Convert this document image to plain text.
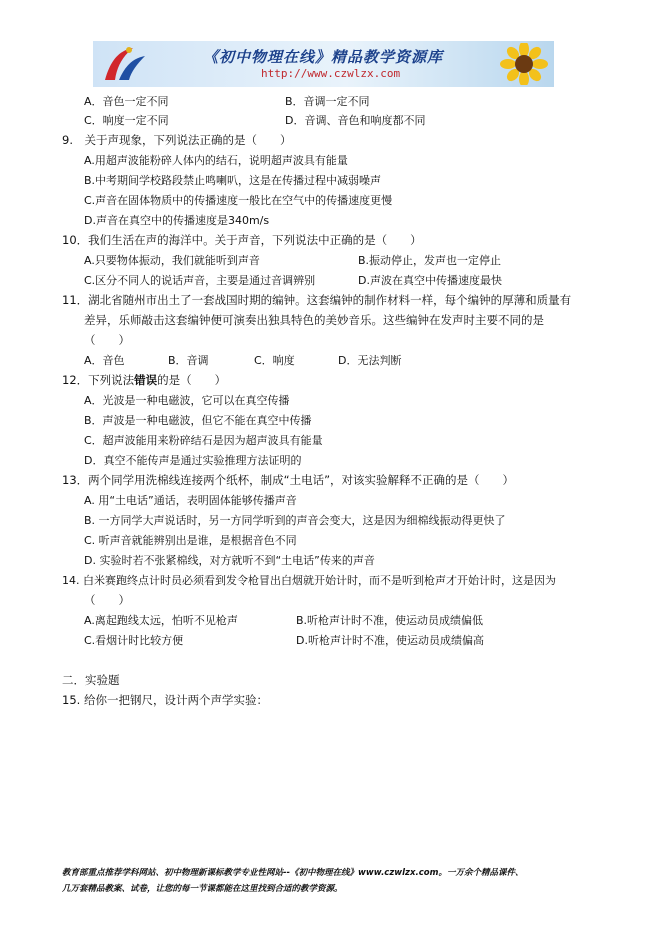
《初中物理在线》精品教学资源库
http://www.czwlzx.com
A．音色一定不同	B．音调一定不同
C．响度一定不同	D．音调、音色和响度都不同
9.　关于声现象，下列说法正确的是（　　）
A.用超声波能粉碎人体内的结石，说明超声波具有能量
B.中考期间学校路段禁止鸣喇叭，这是在传播过程中减弱噪声
C.声音在固体物质中的传播速度一般比在空气中的传播速度更慢
D.声音在真空中的传播速度是340m/s
10．我们生活在声的海洋中。关于声音，下列说法中正确的是（　　）
A.只要物体振动，我们就能听到声音	B.振动停止，发声也一定停止
C.区分不同人的说话声音，主要是通过音调辨别	D.声波在真空中传播速度最快
11．湖北省随州市出土了一套战国时期的编钟。这套编钟的制作材料一样，每个编钟的厚薄和质量有
差异，乐师敲击这套编钟便可演奏出独具特色的美妙音乐。这些编钟在发声时主要不同的是
（　　）
A．音色	B．音调	C．响度	D．无法判断
12．下列说法错误的是（　　）
A．光波是一种电磁波，它可以在真空传播
B．声波是一种电磁波，但它不能在真空中传播
C．超声波能用来粉碎结石是因为超声波具有能量
D．真空不能传声是通过实验推理方法证明的
13．两个同学用洗棉线连接两个纸杯，制成“土电话”，对该实验解释不正确的是（　　）
A. 用“土电话”通话，表明固体能够传播声音
B. 一方同学大声说话时，另一方同学听到的声音会变大，这是因为细棉线振动得更快了
C. 听声音就能辨别出是谁，是根据音色不同
D. 实验时若不张紧棉线，对方就听不到“土电话”传来的声音
14. 白米赛跑终点计时员必须看到发令枪冒出白烟就开始计时，而不是听到枪声才开始计时，这是因为
（　　）
A.离起跑线太远，怕听不见枪声	B.听枪声计时不准，使运动员成绩偏低
C.看烟计时比较方便	D.听枪声计时不准，使运动员成绩偏高
二．实验题
15. 给你一把钢尺，设计两个声学实验：
教育部重点推荐学科网站、初中物理新课标教学专业性网站--《初中物理在线》www.czwlzx.com。一万余个精品课件、
几万套精品教案、试卷，让您的每一节课都能在这里找到合适的教学资源。
